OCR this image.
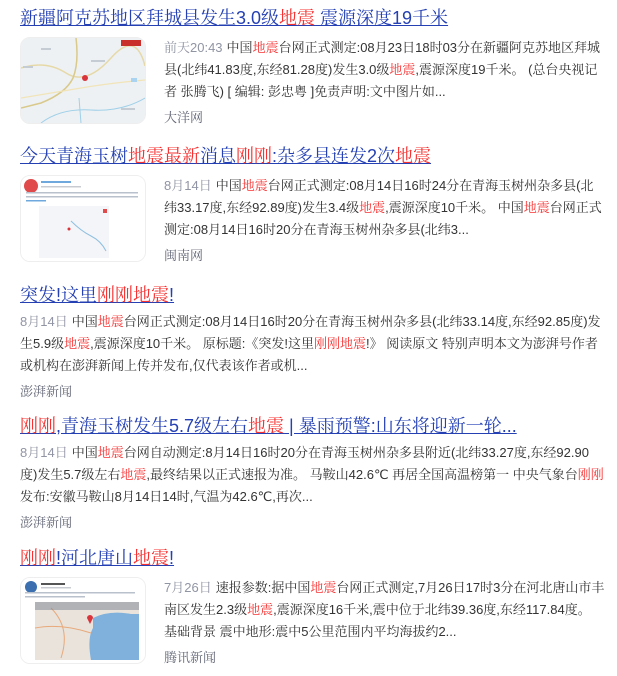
新疆阿克苏地区拜城县发生3.0级地震 震源深度19千米

前天20:43 中国地震台网正式测定:08月23日18时03分在新疆阿克苏地区拜城县(北纬41.83度,东经81.28度)发生3.0级地震,震源深度19千米。 (总台央视记者 张腾飞) [ 编辑: 彭忠粤 ]免责声明:文中图片如...

大洋网
今天青海玉树地震最新消息刚刚:杂多县连发2次地震

8月14日 中国地震台网正式测定:08月14日16时24分在青海玉树州杂多县(北纬33.17度,东经92.89度)发生3.4级地震,震源深度10千米。 中国地震台网正式测定:08月14日16时20分在青海玉树州杂多县(北纬3...

闽南网
突发!这里刚刚地震!

8月14日 中国地震台网正式测定:08月14日16时20分在青海玉树州杂多县(北纬33.14度,东经92.85度)发生5.9级地震,震源深度10千米。 原标题:《突发!这里刚刚地震!》 阅读原文 特别声明本文为澎湃号作者或机构在澎湃新闻上传并发布,仅代表该作者或机...

澎湃新闻
刚刚,青海玉树发生5.7级左右地震 | 暴雨预警:山东将迎新一轮...

8月14日 中国地震台网自动测定:8月14日16时20分在青海玉树州杂多县附近(北纬33.27度,东经92.90度)发生5.7级左右地震,最终结果以正式速报为准。 马鞍山42.6℃ 再居全国高温榜第一 中央气象台刚刚发布:安徽马鞍山8月14日14时,气温为42.6℃,再次...

澎湃新闻
刚刚!河北唐山地震!

7月26日 速报参数:据中国地震台网正式测定,7月26日17时3分在河北唐山市丰南区发生2.3级地震,震源深度16千米,震中位于北纬39.36度,东经117.84度。 基础背景 震中地形:震中5公里范围内平均海拔约2...

腾讯新闻
